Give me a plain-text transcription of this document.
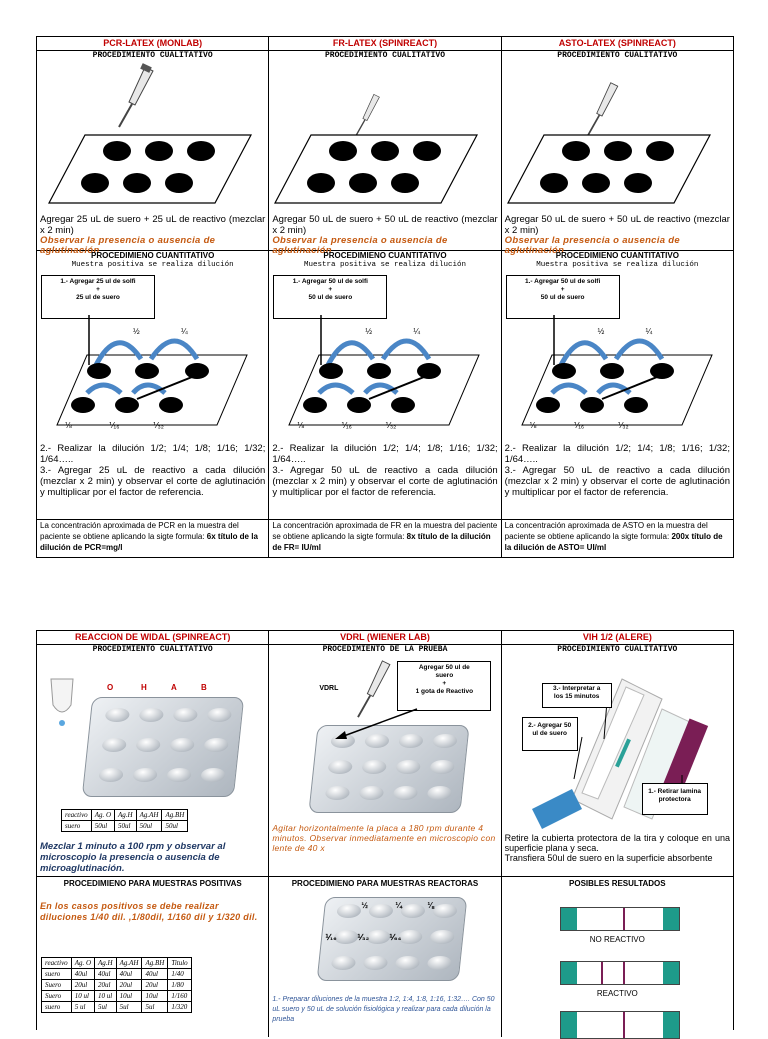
PCR-LATEX (MONLAB)	FR-LATEX (SPINREACT)	ASTO-LATEX (SPINREACT)
PROCEDIMIENTO CUALITATIVO
Agregar 25 uL de suero + 25 uL de reactivo (mezclar x 2 min)
Observar la presencia o ausencia de aglutinación
PROCEDIMIENTO CUALITATIVO
Agregar 50 uL de suero + 50 uL de reactivo (mezclar x 2 min)
Observar la presencia o ausencia de aglutinación
PROCEDIMIENTO CUALITATIVO
Agregar 50 uL de suero + 50 uL de reactivo (mezclar x 2 min)
Observar la presencia o ausencia de aglutinación
PROCEDIMIENO CUANTITATIVO
Muestra positiva se realiza dilución
1.- Agregar 25 ul de solfi
+
25 ul de suero
½	¼
⅛	⅟₁₆	⅟₃₂
2.- Realizar la dilución 1/2; 1/4; 1/8; 1/16; 1/32; 1/64…..
3.- Agregar 25 uL de reactivo a cada dilución (mezclar x 2 min) y observar el corte de aglutinación y multiplicar por el factor de referencia.
PROCEDIMIENO CUANTITATIVO
Muestra positiva se realiza dilución
1.- Agregar 50 ul de solfi
+
50 ul de suero
½	¼
⅛	⅟₁₆	⅟₃₂
2.- Realizar la dilución 1/2; 1/4; 1/8; 1/16; 1/32; 1/64…..
3.- Agregar 50 uL de reactivo a cada dilución (mezclar x 2 min) y observar el corte de aglutinación y multiplicar por el factor de referencia.
PROCEDIMIENO CUANTITATIVO
Muestra positiva se realiza dilución
1.- Agregar 50 ul de solfi
+
50 ul de suero
½	¼
⅛	⅟₁₆	⅟₃₂
2.- Realizar la dilución 1/2; 1/4; 1/8; 1/16; 1/32; 1/64…..
3.- Agregar 50 uL de reactivo a cada dilución (mezclar x 2 min) y observar el corte de aglutinación y multiplicar por el factor de referencia.
La concentración aproximada de PCR en la muestra del paciente se obtiene aplicando la sigte formula: 6x título de la dilución de PCR=mg/l
La concentración aproximada de FR en la muestra del paciente se obtiene aplicando la sigte formula: 8x título de la dilución de FR= IU/ml
La concentración aproximada de ASTO en la muestra del paciente se obtiene aplicando la sigte formula: 200x título de la dilución de ASTO= UI/ml
REACCION DE WIDAL (SPINREACT)	VDRL (WIENER LAB)	VIH 1/2 (ALERE)
PROCEDIMIENTO CUALITATIVO
O	H	A	B
reactivo	Ag. O	Ag.H	Ag.AH	Ag.BH
suero	50ul	50ul	50ul	50ul
Mezclar 1 minuto a 100 rpm y observar al microscopio la presencia o ausencia de microaglutinación.
PROCEDIMIENTO DE LA PRUEBA
VDRL
Agregar 50 ul de
suero
+
1 gota de Reactivo
Agitar horizontalmente la placa a 180 rpm durante 4 minutos. Observar inmediatamente en microscopio con lente de 40 x
PROCEDIMIENTO CUALITATIVO
3.- Interpretar a
los 15 minutos
2.- Agregar 50
ul de suero
1.- Retirar lamina
protectora
Retire la cubierta protectora de la tira y coloque en una superficie plana y seca.
Transfiera 50ul de suero en la superficie absorbente
PROCEDIMIENO PARA MUESTRAS POSITIVAS
En los casos positivos se debe realizar diluciones 1/40 dil. ,1/80dil, 1/160 dil y 1/320 dil.
reactivo	Ag. O	Ag.H	Ag.AH	Ag.BH	Titulo
suero	40ul	40ul	40ul	40ul	1/40
Suero	20ul	20ul	20ul	20ul	1/80
Suero	10 ul	10 ul	10ul	10ul	1/160
suero	5 ul	5ul	5ul	5ul	1/320
PROCEDIMIENO PARA MUESTRAS REACTORAS
½	¼	⅛
⅟₁₆	⅟₃₂	⅟₆₄
1.- Preparar diluciones de la muestra 1:2, 1:4, 1:8, 1:16, 1:32…. Con 50 uL suero y 50 uL de solución fisiológica y realizar para cada dilución la prueba
POSIBLES RESULTADOS
NO REACTIVO
REACTIVO
